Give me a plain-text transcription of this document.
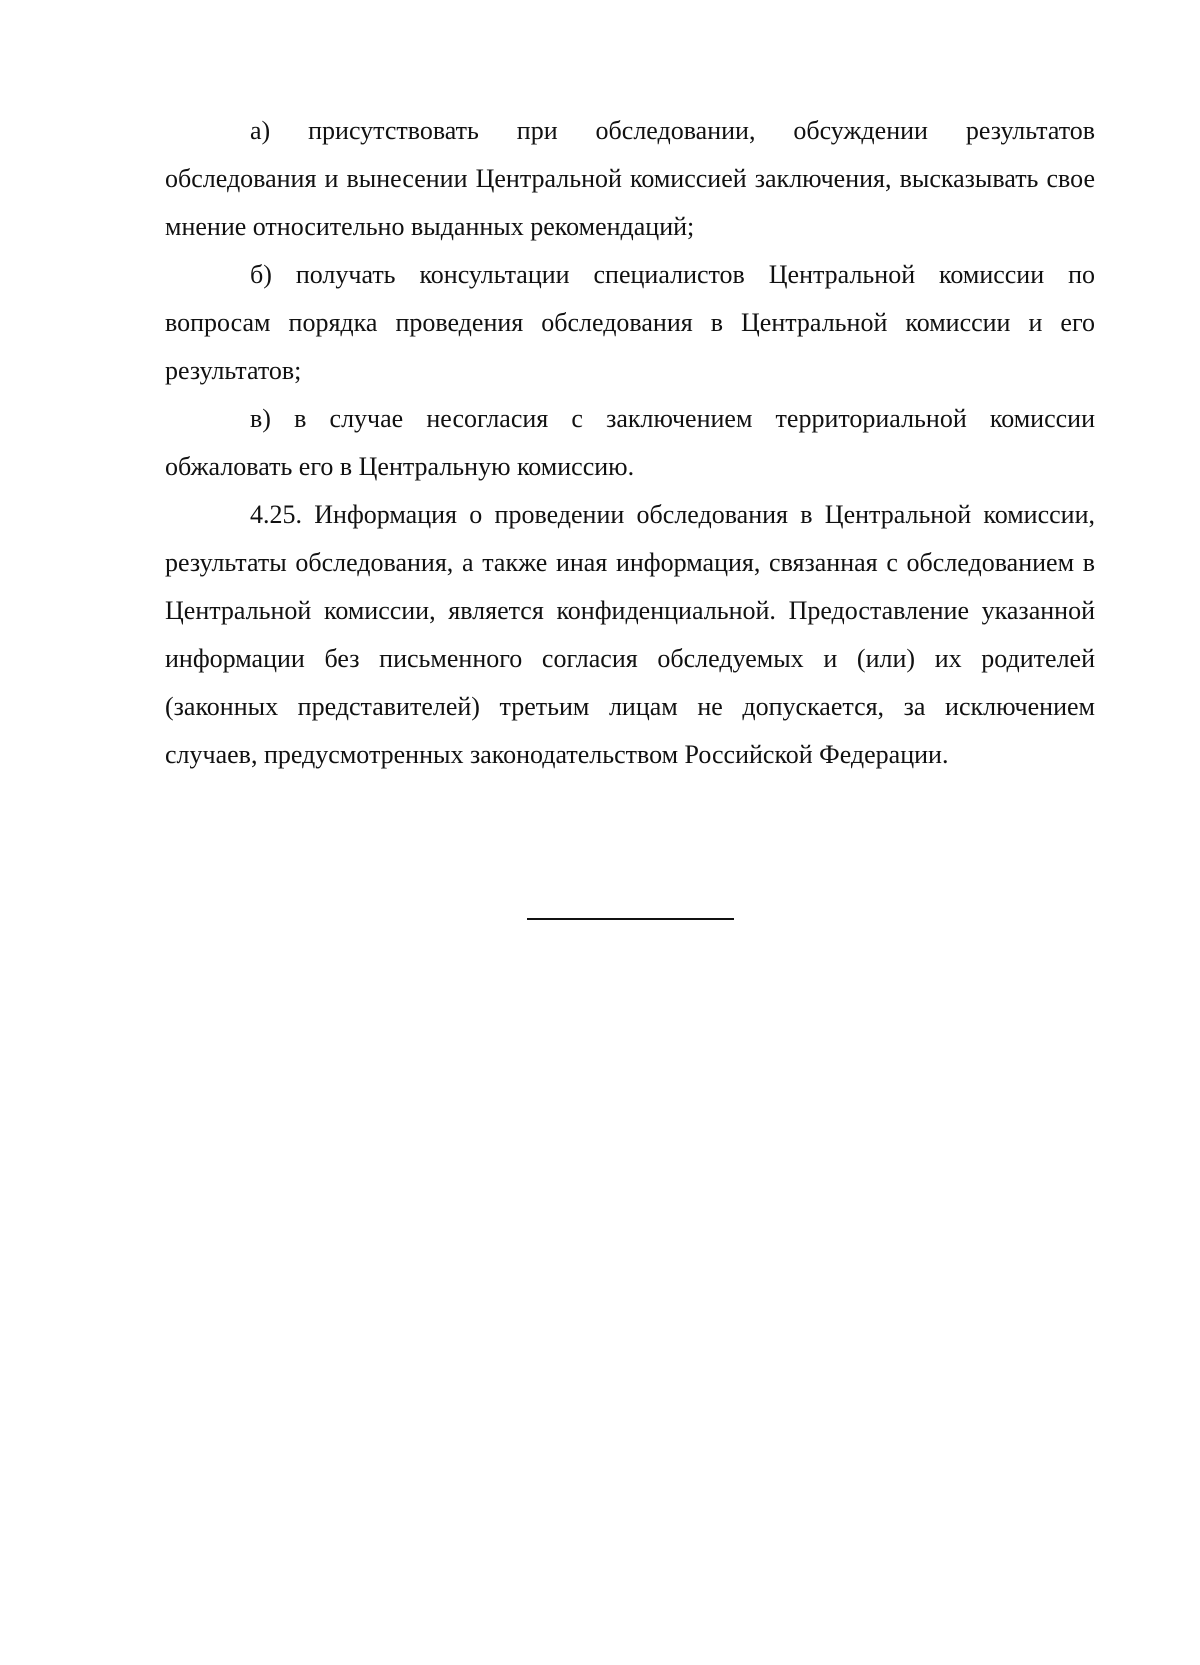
а) присутствовать при обследовании, обсуждении результатов обследования и вынесении Центральной комиссией заключения, высказывать свое мнение относительно выданных рекомендаций;

б) получать консультации специалистов Центральной комиссии по вопросам порядка проведения обследования в Центральной комиссии и его результатов;

в) в случае несогласия с заключением территориальной комиссии обжаловать его в Центральную комиссию.

4.25. Информация о проведении обследования в Центральной комиссии, результаты обследования, а также иная информация, связанная с обследованием в Центральной комиссии, является конфиденциальной. Предоставление указанной информации без письменного согласия обследуемых и (или) их родителей (законных представителей) третьим лицам не допускается, за исключением случаев, предусмотренных законодательством Российской Федерации.
